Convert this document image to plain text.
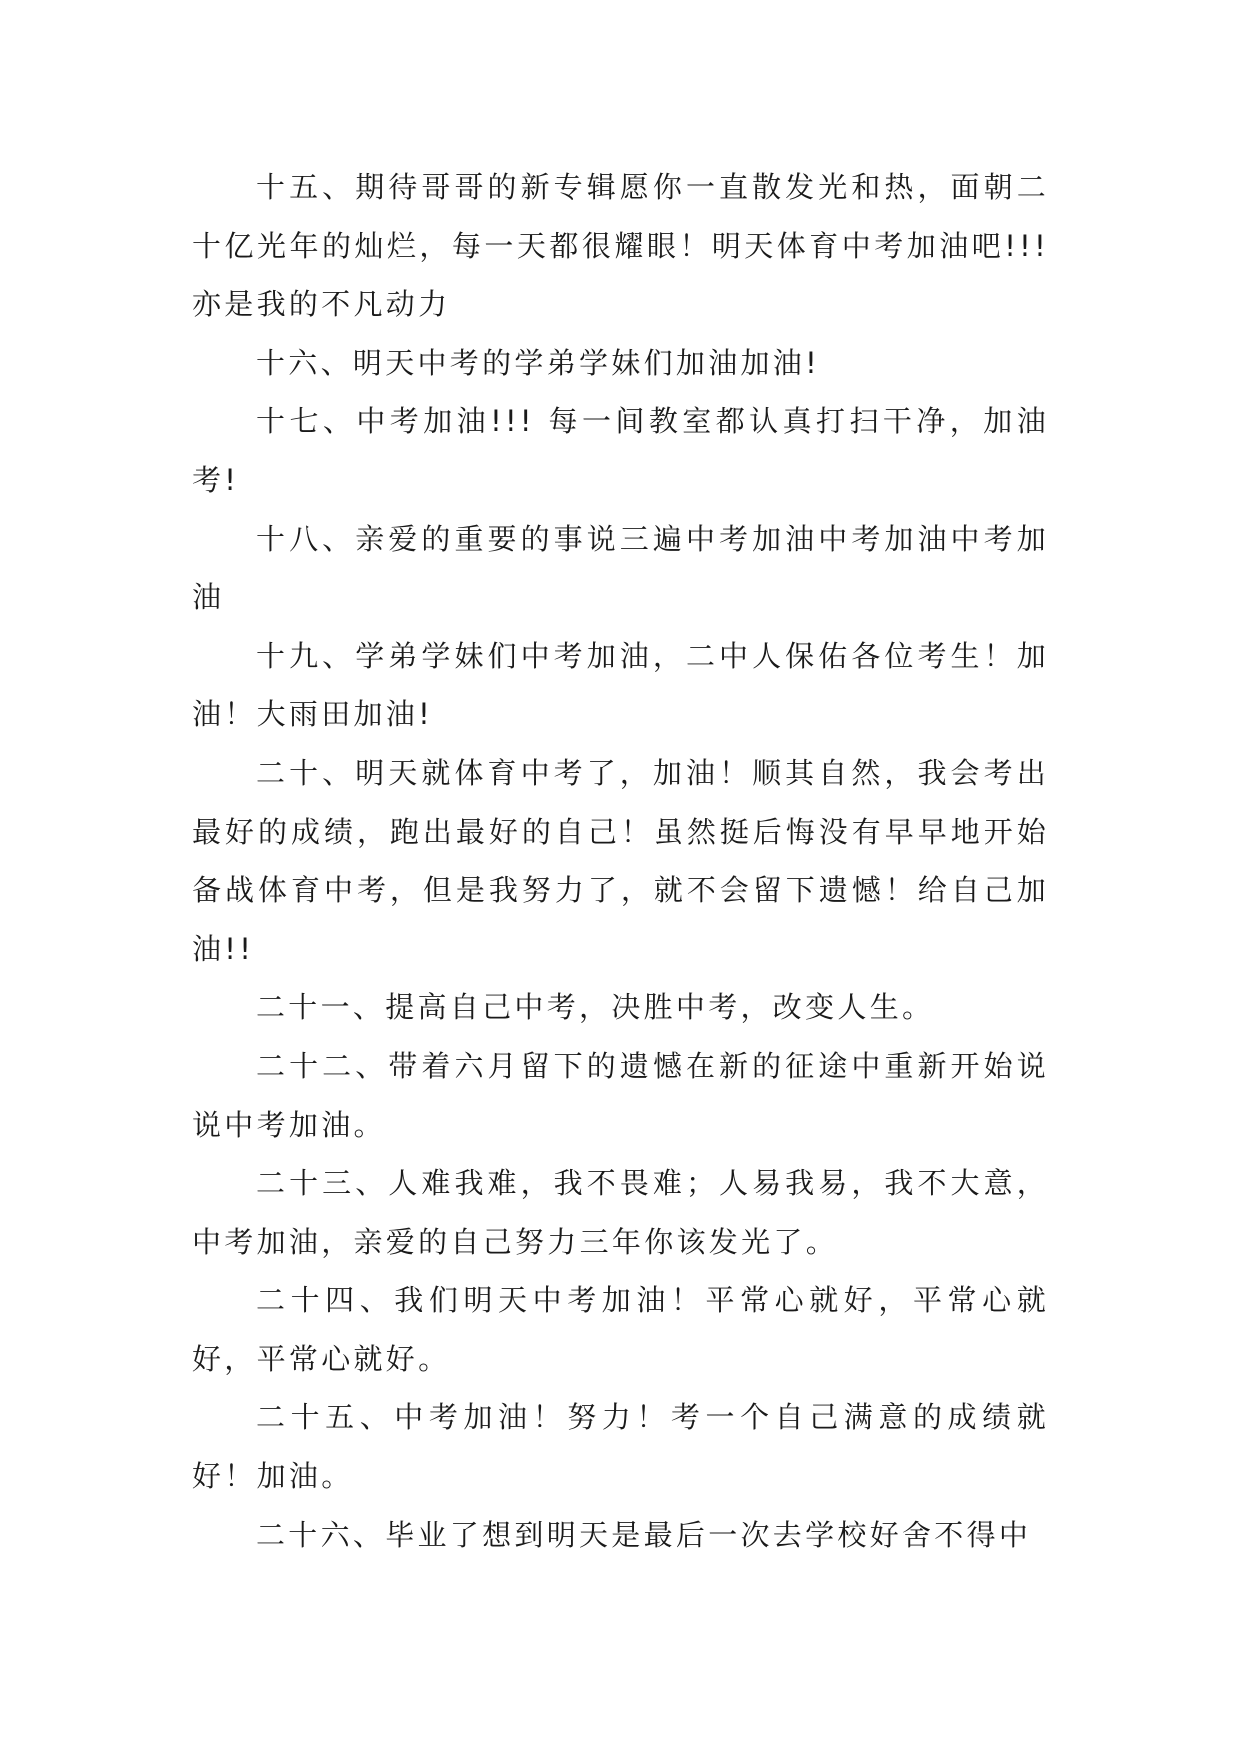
十五、期待哥哥的新专辑愿你一直散发光和热，面朝二十亿光年的灿烂，每一天都很耀眼！明天体育中考加油吧!!! 亦是我的不凡动力

十六、明天中考的学弟学妹们加油加油!

十七、中考加油!!! 每一间教室都认真打扫干净，加油考!

十八、亲爱的重要的事说三遍中考加油中考加油中考加油

十九、学弟学妹们中考加油，二中人保佑各位考生！加油！大雨田加油!

二十、明天就体育中考了，加油！顺其自然，我会考出最好的成绩，跑出最好的自己！虽然挺后悔没有早早地开始备战体育中考，但是我努力了，就不会留下遗憾！给自己加油!!

二十一、提高自己中考，决胜中考，改变人生。

二十二、带着六月留下的遗憾在新的征途中重新开始说说中考加油。

二十三、人难我难，我不畏难；人易我易，我不大意，中考加油，亲爱的自己努力三年你该发光了。

二十四、我们明天中考加油！平常心就好，平常心就好，平常心就好。

二十五、中考加油！努力！考一个自己满意的成绩就好！加油。

二十六、毕业了想到明天是最后一次去学校好舍不得中
